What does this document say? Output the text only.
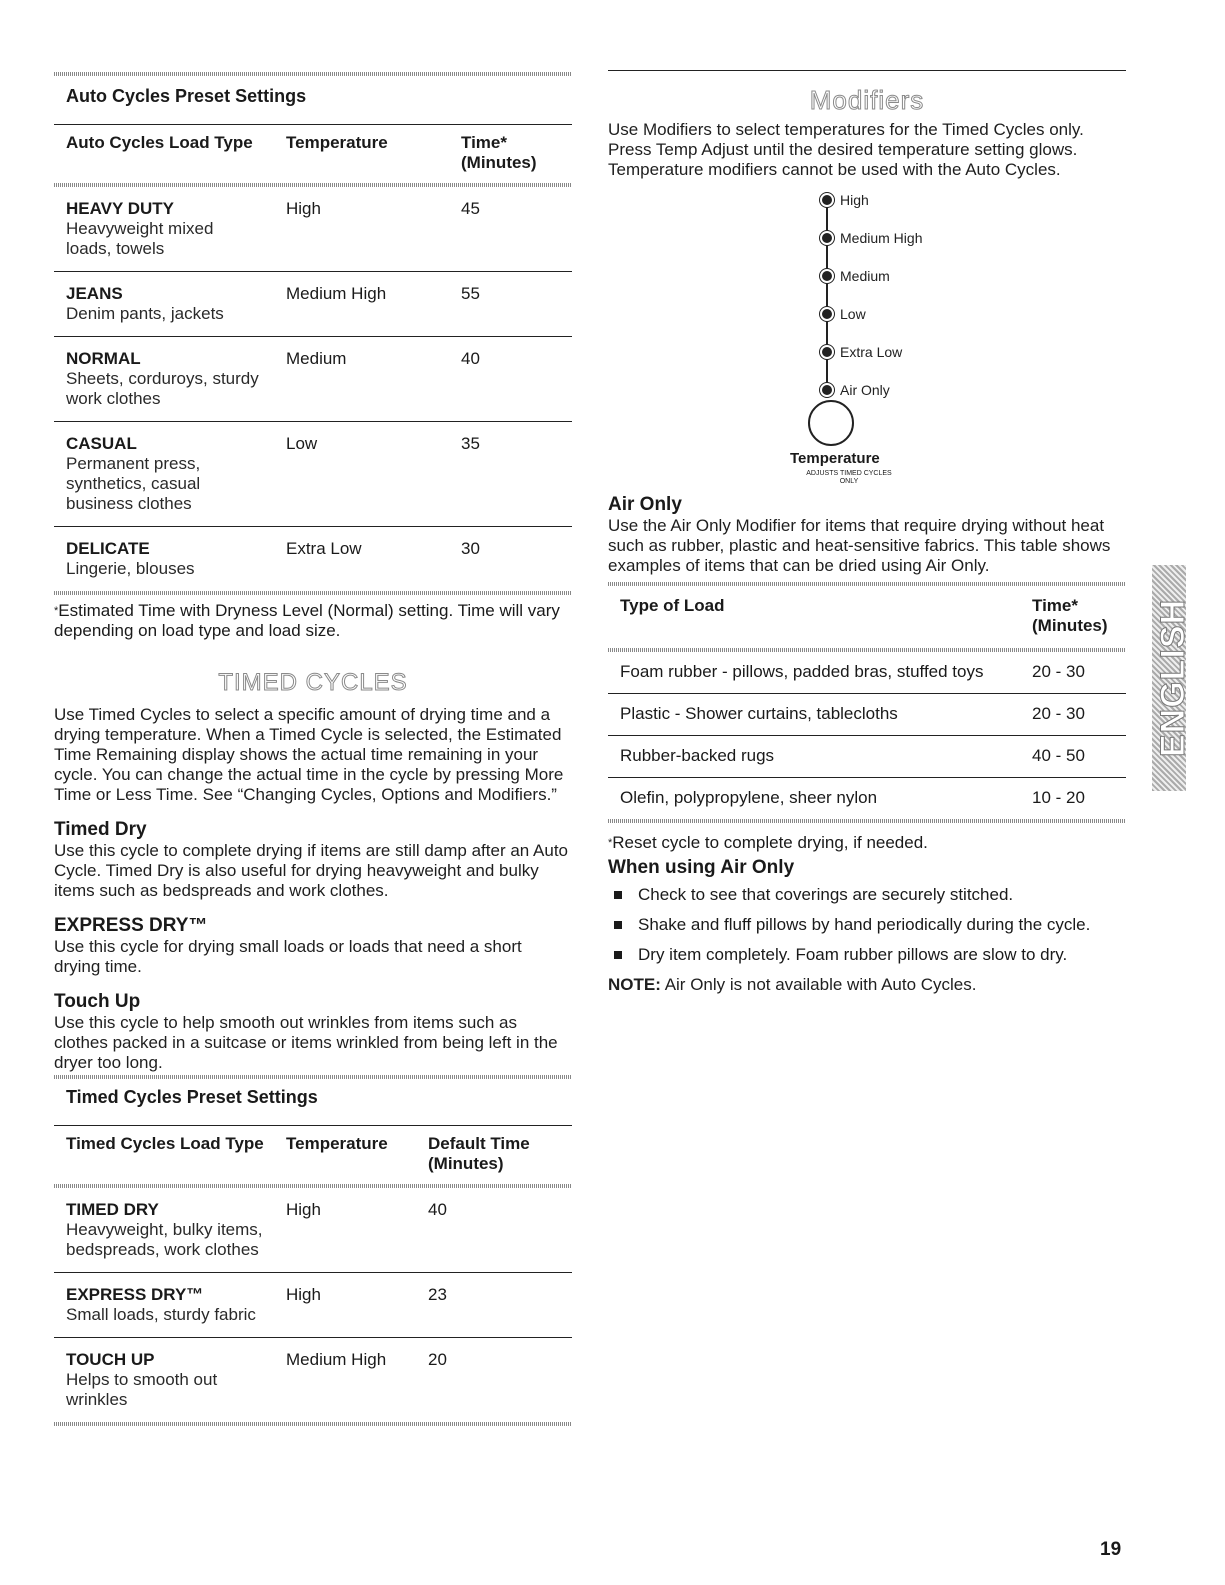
Auto Cycles Preset Settings
Auto Cycles Load Type	Temperature	Time*
(Minutes)

HEAVY DUTY
Heavyweight mixed loads, towels	High	45

JEANS
Denim pants, jackets	Medium High	55

NORMAL
Sheets, corduroys, sturdy work clothes	Medium	40

CASUAL
Permanent press, synthetics, casual business clothes	Low	35

DELICATE
Lingerie, blouses	Extra Low	30
*Estimated Time with Dryness Level (Normal) setting. Time will vary depending on load type and load size.
TIMED CYCLES

Use Timed Cycles to select a specific amount of drying time and a drying temperature. When a Timed Cycle is selected, the Estimated Time Remaining display shows the actual time remaining in your cycle. You can change the actual time in the cycle by pressing More Time or Less Time. See “Changing Cycles, Options and Modifiers.”

Timed Dry

Use this cycle to complete drying if items are still damp after an Auto Cycle. Timed Dry is also useful for drying heavyweight and bulky items such as bedspreads and work clothes.

EXPRESS DRY™

Use this cycle for drying small loads or loads that need a short drying time.

Touch Up

Use this cycle to help smooth out wrinkles from items such as clothes packed in a suitcase or items wrinkled from being left in the dryer too long.

Timed Cycles Preset Settings
Timed Cycles Load Type	Temperature	Default Time
(Minutes)

TIMED DRY
Heavyweight, bulky items, bedspreads, work clothes	High	40

EXPRESS DRY™
Small loads, sturdy fabric	High	23

TOUCH UP
Helps to smooth out wrinkles	Medium High	20
Modifiers

Use Modifiers to select temperatures for the Timed Cycles only. Press Temp Adjust until the desired temperature setting glows. Temperature modifiers cannot be used with the Auto Cycles.

High
Medium High
Medium
Low
Extra Low
Air Only
Temperature
ADJUSTS TIMED CYCLES ONLY
Air Only

Use the Air Only Modifier for items that require drying without heat such as rubber, plastic and heat-sensitive fabrics. This table shows examples of items that can be dried using Air Only.

Type of Load	Time*
(Minutes)

Foam rubber - pillows, padded bras, stuffed toys	20 - 30
Plastic - Shower curtains, tablecloths	20 - 30
Rubber-backed rugs	40 - 50
Olefin, polypropylene, sheer nylon	10 - 20
*Reset cycle to complete drying, if needed.
When using Air Only
Check to see that coverings are securely stitched.
Shake and fluff pillows by hand periodically during the cycle.
Dry item completely. Foam rubber pillows are slow to dry.

NOTE: Air Only is not available with Auto Cycles.

ENGLISH
19
